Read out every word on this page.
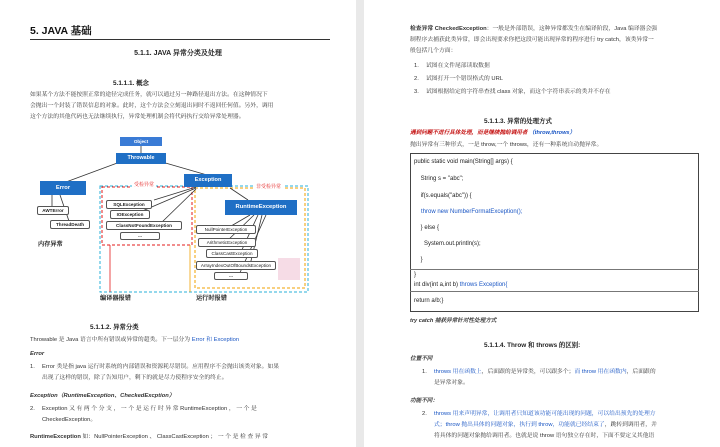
5. JAVA 基础
5.1.1. JAVA 异常分类及处理
5.1.1.1. 概念
如果某个方法不能按照正常的途径完成任务，就可以通过另一种路径退出方法。在这种情况下
会抛出一个封装了错误信息的对象。此时，这个方法会立刻退出同时不返回任何值。另外，调用
这个方法的其他代码也无法继续执行，异常处理机制会将代码执行交给异常处理器。
Object
Throwable
Error
Exception
RuntimeException
AWTError
ThreadDeath
SQLException
IOException
ClassNotFoundException
...
NullPointerException
ArithmeticException
ClassCastException
ArrayIndexOutOfBoundsException
...
受检异常	非受检异常
内存异常
编译器报错	运行时报错
5.1.1.2. 异常分类
Throwable 是 Java 语言中所有错误或异常的超类。下一层分为 Error 和 Exception
Error
1. Error 类是指 java 运行时系统的内部错误和资源耗尽错误。应用程序不会抛出该类对象。如果
出现了这样的错误，除了告知用户，剩下的就是尽力使程序安全的终止。
Exception（RuntimeException、CheckedExcption）
2. Exception 又 有 两 个 分 支 ， 一 个 是 运 行 时 异 常 RuntimeException ， 一 个 是
CheckedException。
RuntimeException 如：NullPointerException 、 ClassCastException ； 一 个 是 检 查 异 常
检查异常 CheckedException：一般是外部错误，这种异常都发生在编译阶段，Java 编译器会强
制程序去捕获此类异常，即会出现要求你把这段可能出现异常的程序进行 try catch，该类异常一
般包括几个方面：
1. 试图在文件尾部读取数据
2. 试图打开一个错误格式的 URL
3. 试图根据给定的字符串查找 class 对象，而这个字符串表示的类并不存在
5.1.1.3. 异常的处理方式
遇到问题不进行具体处理，而是继续抛给调用者 （throw,throws）
抛出异常有三种形式，一是 throw,一个 throws，还有一种系统自动抛异常。
public static void main(String[] args) {
String s = "abc";
if(s.equals("abc")) {
throw new NumberFormatException();
} else {
System.out.println(s);
}
}
int div(int a,int b) throws Exception{
return a/b;}
try catch 捕获异常针对性处理方式
5.1.1.4. Throw 和 throws 的区别:
位置不同
1. throws 用在函数上，后面跟的是异常类，可以跟多个；而 throw 用在函数内，后面跟的
是异常对象。
功能不同：
2. throws 用来声明异常，让调用者只知道该功能可能出现的问题，可以给出预先的处理方
式；throw 抛出具体的问题对象，执行到 throw，功能就已经结束了，跳转到调用者，并
将具体的问题对象抛给调用者。也就是说 throw 语句独立存在时，下面不要定义其他语
